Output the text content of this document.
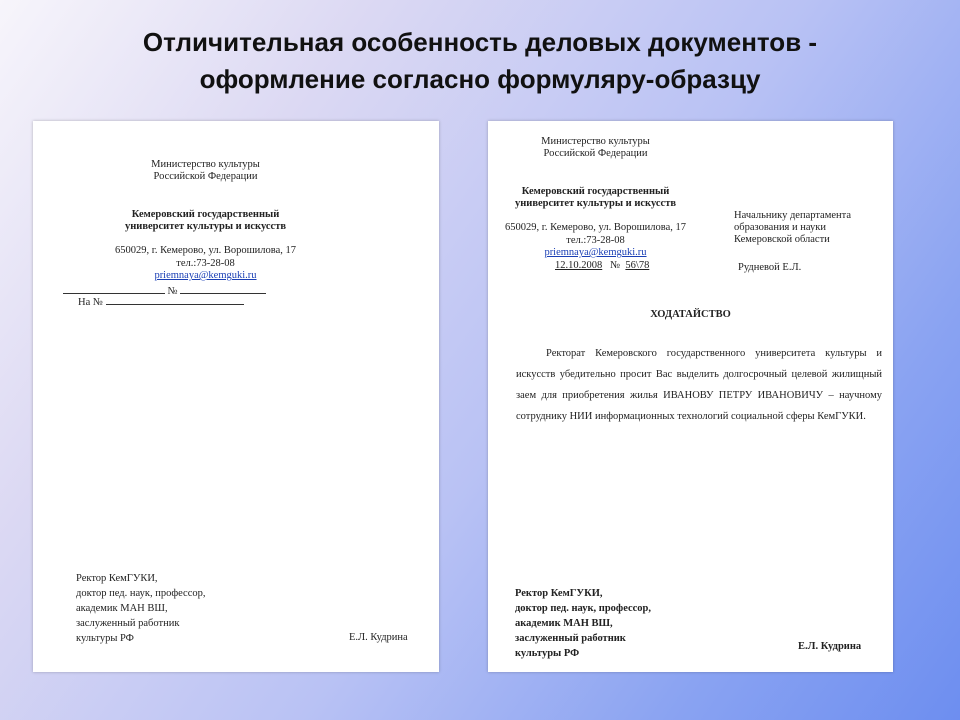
Отличительная особенность деловых документов -
оформление согласно формуляру-образцу
Министерство культуры
Российской Федерации
Кемеровский государственный
университет культуры и искусств
650029, г. Кемерово, ул. Ворошилова, 17
тел.:73-28-08
priemnaya@kemguki.ru
№
На №
Ректор КемГУКИ,
доктор пед. наук, профессор,
академик МАН ВШ,
заслуженный работник
культуры РФ	Е.Л. Кудрина
Министерство культуры
Российской Федерации
Кемеровский государственный
университет культуры и искусств
650029, г. Кемерово, ул. Ворошилова, 17
тел.:73-28-08
priemnaya@kemguki.ru
12.10.2008 № 56\78
Начальнику департамента
образования и науки
Кемеровской области
Рудневой Е.Л.
ХОДАТАЙСТВО

Ректорат Кемеровского государственного университета культуры и искусств убедительно просит Вас выделить долгосрочный целевой жилищный заем для приобретения жилья ИВАНОВУ ПЕТРУ ИВАНОВИЧУ – научному сотруднику НИИ информационных технологий социальной сферы КемГУКИ.

Ректор КемГУКИ,
доктор пед. наук, профессор,
академик МАН ВШ,
заслуженный работник
культуры РФ
Е.Л. Кудрина
